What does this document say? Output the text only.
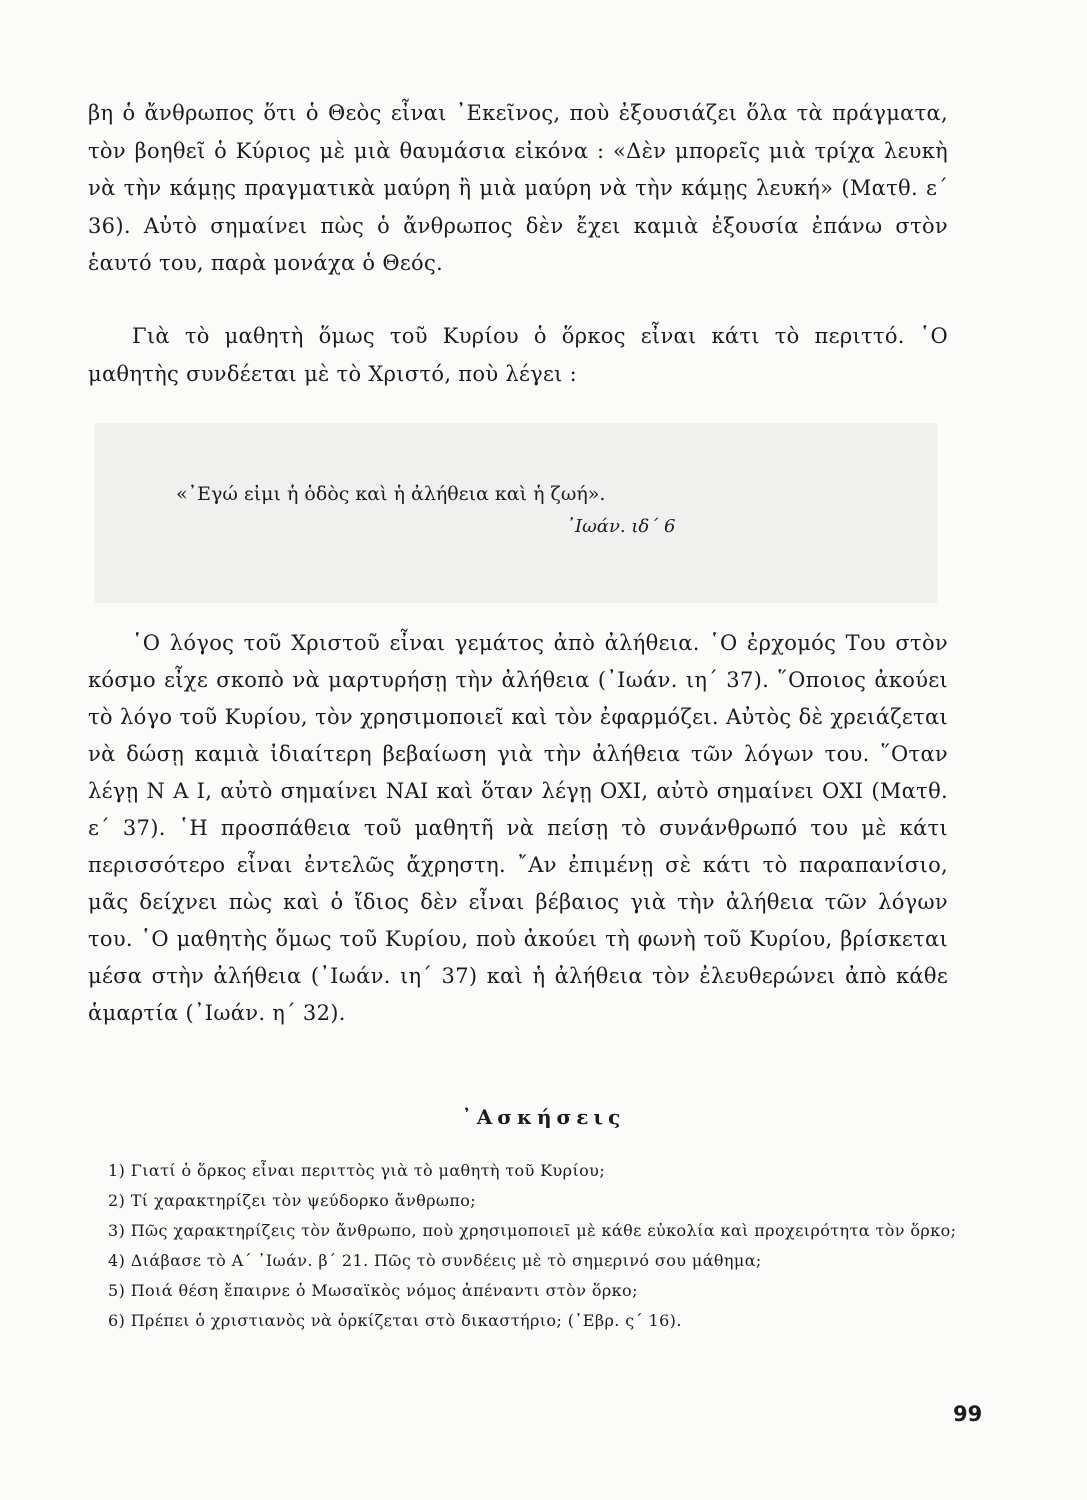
βη ὁ ἄνθρωπος ὅτι ὁ Θεὸς εἶναι ᾿Εκεῖνος, ποὺ ἐξουσιάζει ὅλα τὰ πράγματα, τὸν βοηθεῖ ὁ Κύριος μὲ μιὰ θαυμάσια εἰκόνα : «Δὲν μπορεῖς μιὰ τρίχα λευκὴ νὰ τὴν κάμῃς πραγματικὰ μαύρη ἢ μιὰ μαύρη νὰ τὴν κάμῃς λευκή» (Ματθ. ε΄ 36). Αὐτὸ σημαίνει πὼς ὁ ἄνθρωπος δὲν ἔχει καμιὰ ἐξουσία ἐπάνω στὸν ἑαυτό του, παρὰ μονάχα ὁ Θεός.

Γιὰ τὸ μαθητὴ ὅμως τοῦ Κυρίου ὁ ὅρκος εἶναι κάτι τὸ περιττό. ῾Ο μαθητὴς συνδέεται μὲ τὸ Χριστό, ποὺ λέγει :

«᾿Εγώ εἰμι ἡ ὁδὸς καὶ ἡ ἀλήθεια καὶ ἡ ζωή».

᾿Ιωάν. ιδ΄ 6

῾Ο λόγος τοῦ Χριστοῦ εἶναι γεμάτος ἀπὸ ἀλήθεια. ῾Ο ἐρχομός Του στὸν κόσμο εἶχε σκοπὸ νὰ μαρτυρήσῃ τὴν ἀλήθεια (᾿Ιωάν. ιη΄ 37). ῞Οποιος ἀκούει τὸ λόγο τοῦ Κυρίου, τὸν χρησιμοποιεῖ καὶ τὸν ἐφαρμόζει. Αὐτὸς δὲ χρειάζεται νὰ δώσῃ καμιὰ ἰδιαίτερη βεβαίωση γιὰ τὴν ἀλήθεια τῶν λόγων του. ῞Οταν λέγῃ Ν Α Ι, αὐτὸ σημαίνει ΝΑΙ καὶ ὅταν λέγῃ ΟΧΙ, αὐτὸ σημαίνει ΟΧΙ (Ματθ. ε΄ 37). ῾Η προσπάθεια τοῦ μαθητῆ νὰ πείσῃ τὸ συνάνθρωπό του μὲ κάτι περισσότερο εἶναι ἐντελῶς ἄχρηστη. ῎Αν ἐπιμένῃ σὲ κάτι τὸ παραπανίσιο, μᾶς δείχνει πὼς καὶ ὁ ἴδιος δὲν εἶναι βέβαιος γιὰ τὴν ἀλήθεια τῶν λόγων του. ῾Ο μαθητὴς ὅμως τοῦ Κυρίου, ποὺ ἀκούει τὴ φωνὴ τοῦ Κυρίου, βρίσκεται μέσα στὴν ἀλήθεια (᾿Ιωάν. ιη΄ 37) καὶ ἡ ἀλήθεια τὸν ἐλευθερώνει ἀπὸ κάθε ἁμαρτία (᾿Ιωάν. η΄ 32).

᾿Ασκήσεις
1) Γιατί ὁ ὅρκος εἶναι περιττὸς γιὰ τὸ μαθητὴ τοῦ Κυρίου;
2) Τί χαρακτηρίζει τὸν ψεύδορκο ἄνθρωπο;
3) Πῶς χαρακτηρίζεις τὸν ἄνθρωπο, ποὺ χρησιμοποιεῖ μὲ κάθε εὐκολία καὶ προχειρότητα τὸν ὅρκο;
4) Διάβασε τὸ Α΄ ᾿Ιωάν. β΄ 21. Πῶς τὸ συνδέεις μὲ τὸ σημερινό σου μάθημα;
5) Ποιά θέση ἔπαιρνε ὁ Μωσαϊκὸς νόμος ἀπέναντι στὸν ὅρκο;
6) Πρέπει ὁ χριστιανὸς νὰ ὁρκίζεται στὸ δικαστήριο; (᾿Εβρ. ς΄ 16).
99
